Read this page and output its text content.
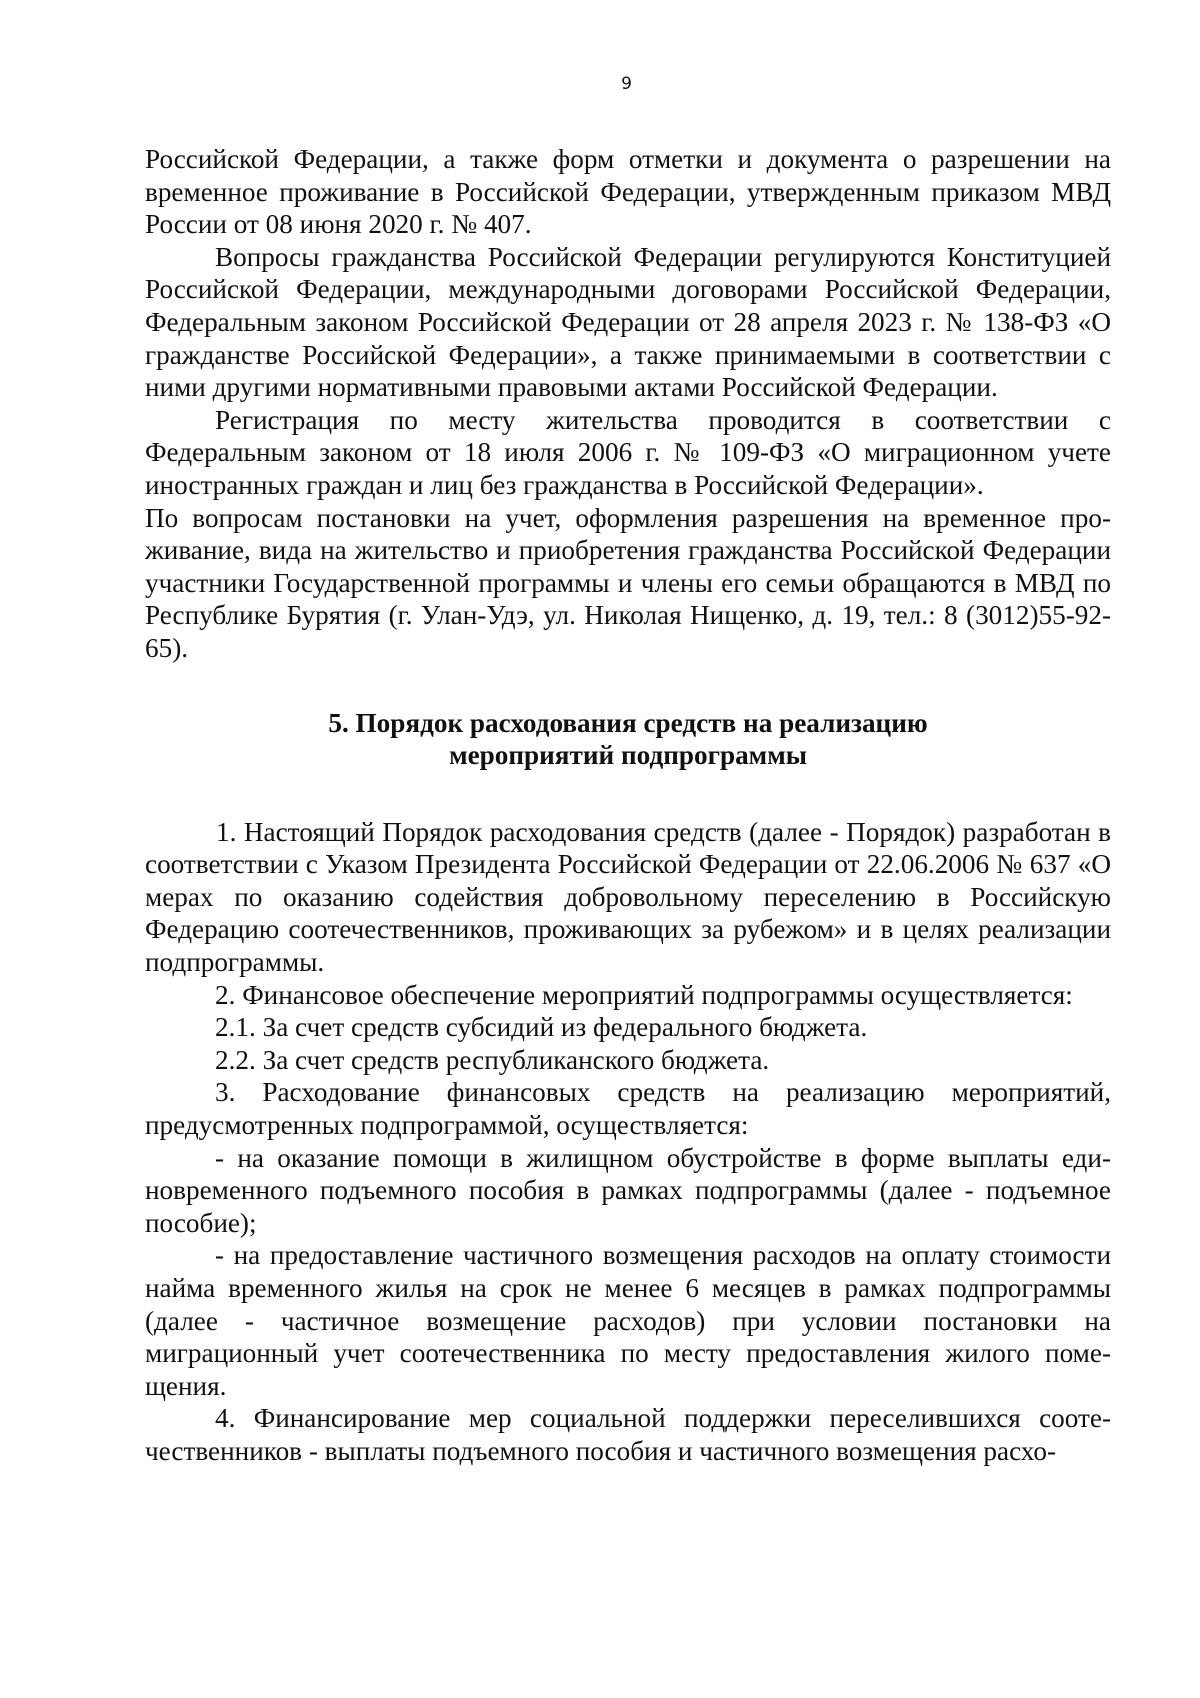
9

Российской Федерации, а также форм отметки и документа о разрешении на временное проживание в Российской Федерации, утвержденным приказом МВД России от 08 июня 2020 г. № 407.

Вопросы гражданства Российской Федерации регулируются Конституцией Российской Федерации, международными договорами Российской Федерации, Федеральным законом Российской Федерации от 28 апреля 2023 г. № 138-ФЗ «О гражданстве Российской Федерации», а также принимаемыми в соответствии с ними другими нормативными правовыми актами Российской Федерации.

Регистрация по месту жительства проводится в соответствии с Федеральным законом от 18 июля 2006 г. № 109-ФЗ «О миграционном учете иностранных граждан и лиц без гражданства в Российской Федерации».

По вопросам постановки на учет, оформления разрешения на временное проживание, вида на жительство и приобретения гражданства Российской Федерации участники Государственной программы и члены его семьи обращаются в МВД по Республике Бурятия (г. Улан-Удэ, ул. Николая Нищенко, д. 19, тел.: 8 (3012)55-92-65).

5. Порядок расходования средств на реализацию
мероприятий подпрограммы

1. Настоящий Порядок расходования средств (далее - Порядок) разработан в соответствии с Указом Президента Российской Федерации от 22.06.2006 № 637 «О мерах по оказанию содействия добровольному переселению в Российскую Федерацию соотечественников, проживающих за рубежом» и в целях реализации подпрограммы.

2. Финансовое обеспечение мероприятий подпрограммы осуществляется:

2.1. За счет средств субсидий из федерального бюджета.

2.2. За счет средств республиканского бюджета.

3. Расходование финансовых средств на реализацию мероприятий, предусмотренных подпрограммой, осуществляется:

- на оказание помощи в жилищном обустройстве в форме выплаты единовременного подъемного пособия в рамках подпрограммы (далее - подъемное пособие);

- на предоставление частичного возмещения расходов на оплату стоимости найма временного жилья на срок не менее 6 месяцев в рамках подпрограммы (далее - частичное возмещение расходов) при условии постановки на миграционный учет соотечественника по месту предоставления жилого помещения.

4. Финансирование мер социальной поддержки переселившихся соотечественников - выплаты подъемного пособия и частичного возмещения расхо-
